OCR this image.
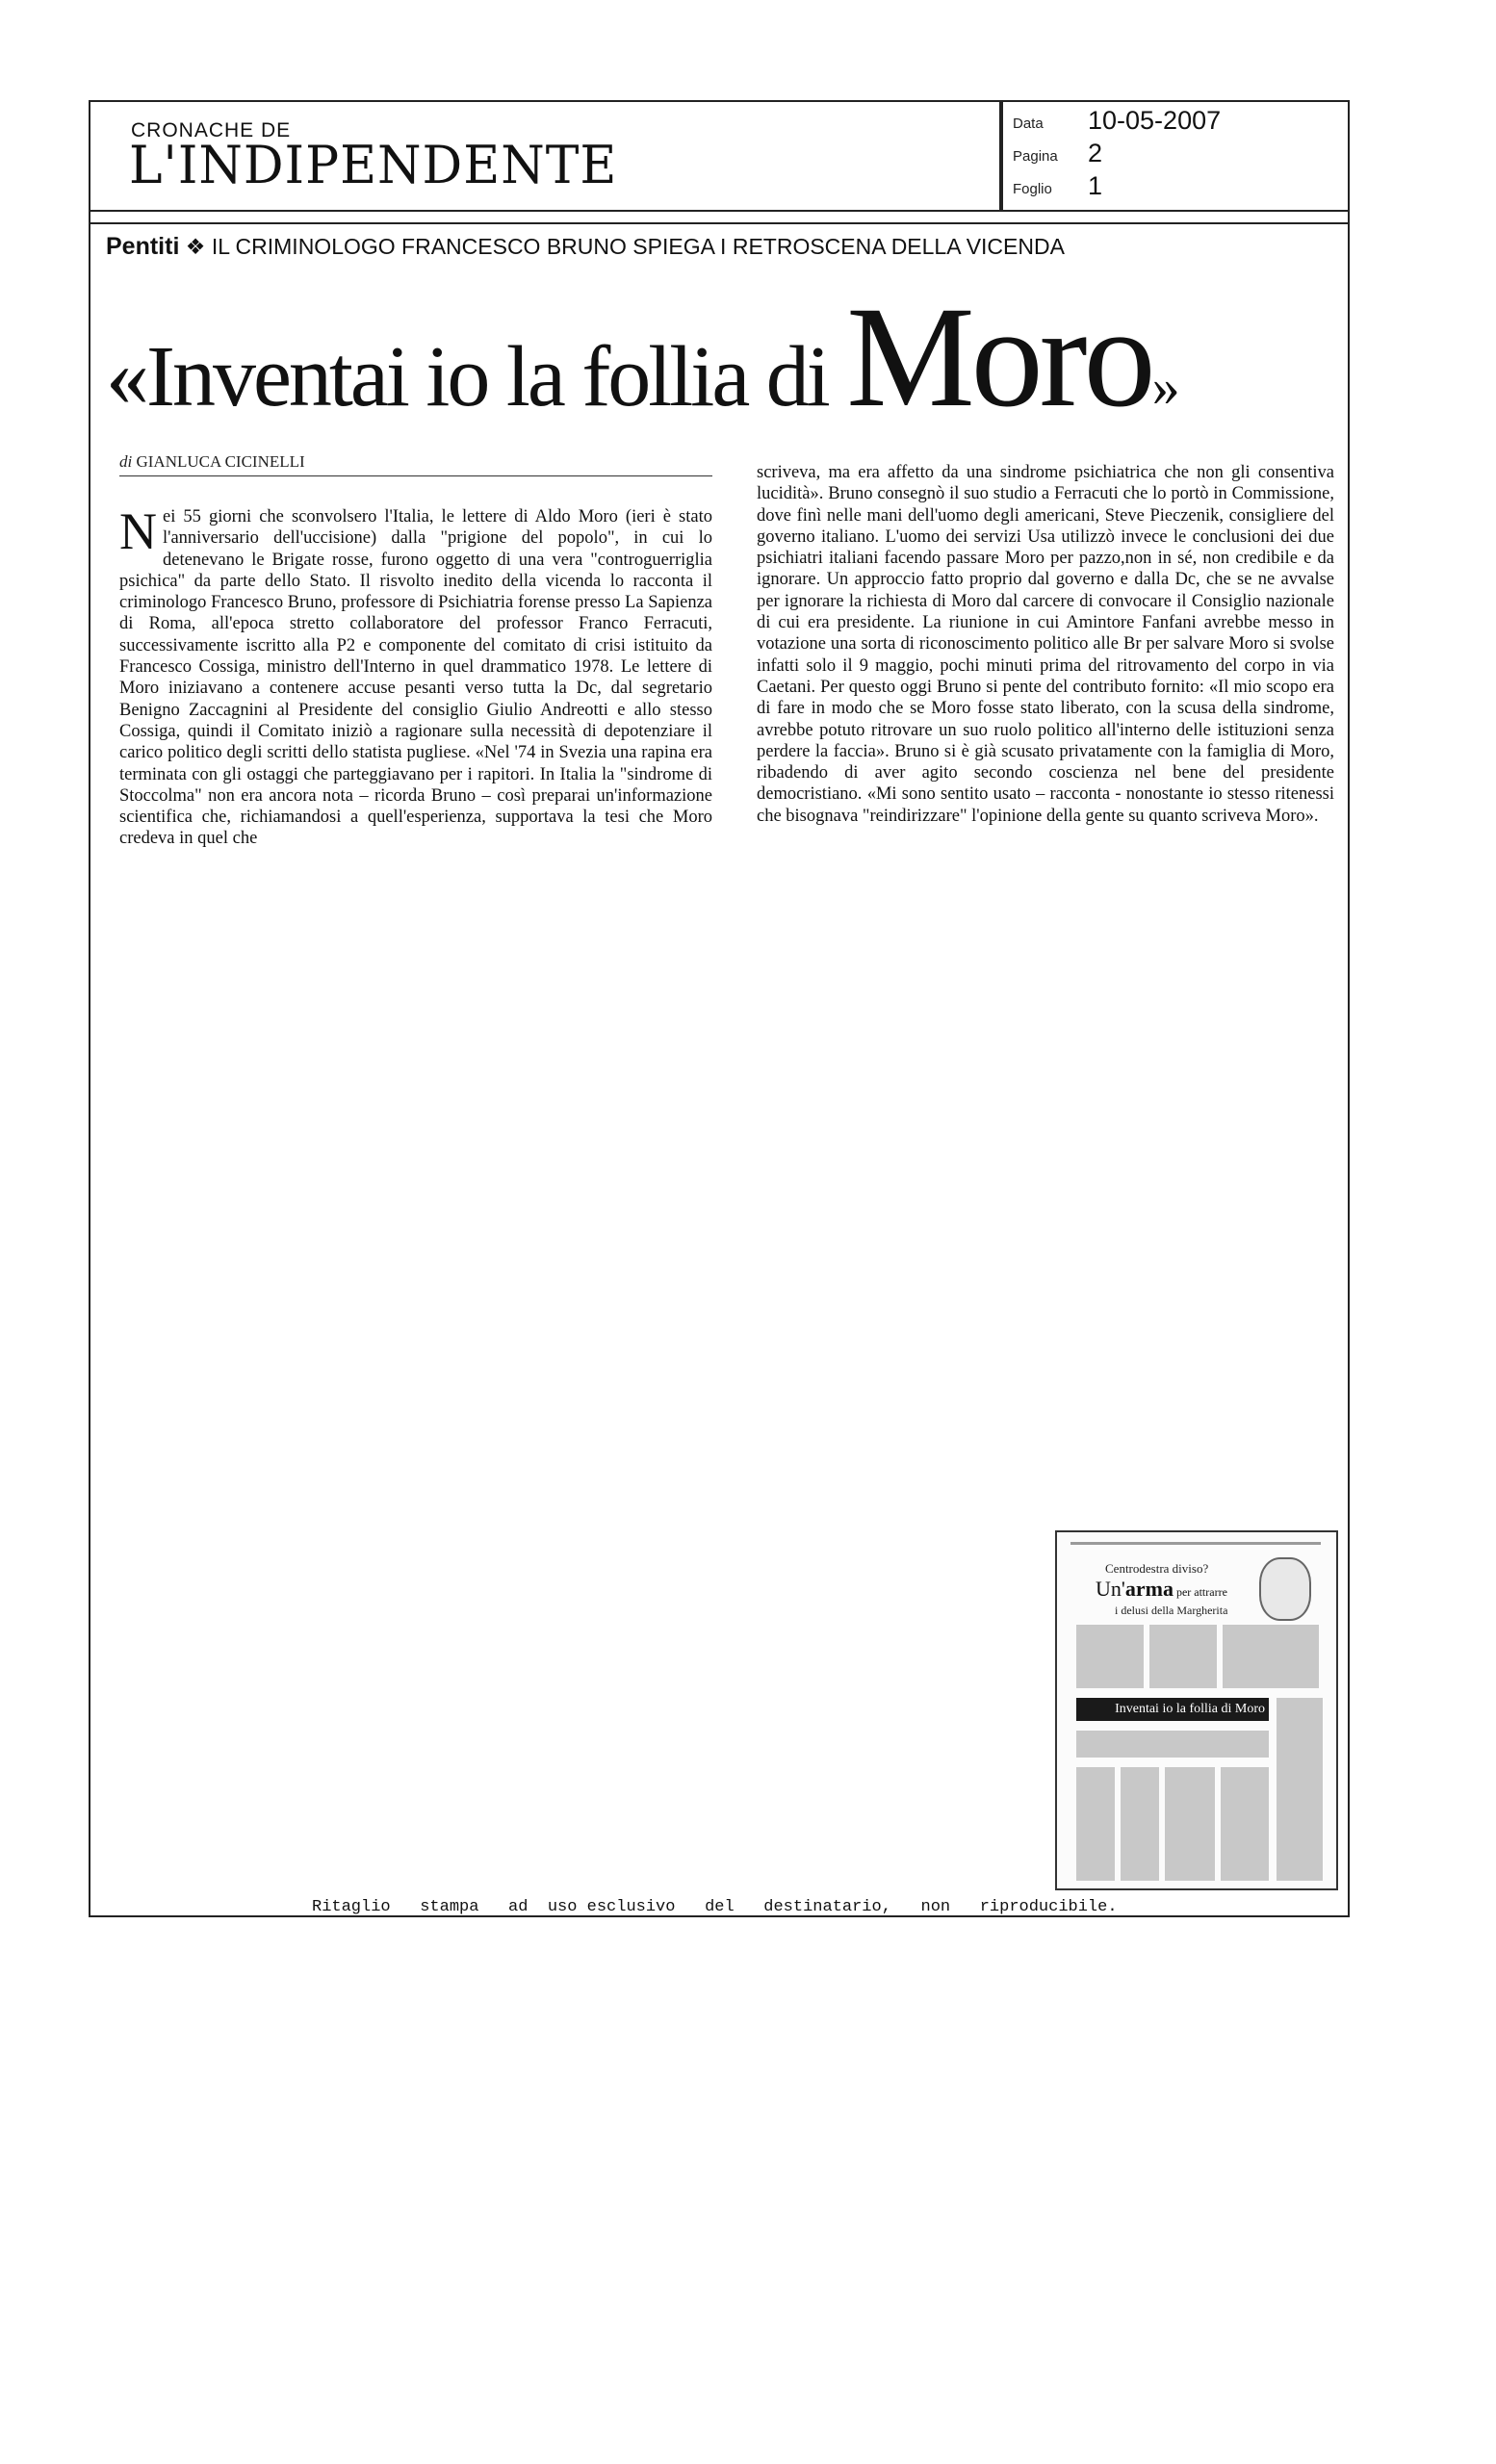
CRONACHE DE
L'INDIPENDENTE
Data 10-05-2007
Pagina 2
Foglio 1
Pentiti ❖ IL CRIMINOLOGO FRANCESCO BRUNO SPIEGA I RETROSCENA DELLA VICENDA
«Inventai io la follia di Moro»
di GIANLUCA CICINELLI
Nei 55 giorni che sconvolsero l'Italia, le lettere di Aldo Moro (ieri è stato l'anniversario dell'uccisione) dalla "prigione del popolo", in cui lo detenevano le Brigate rosse, furono oggetto di una vera "controguerriglia psichica" da parte dello Stato. Il risvolto inedito della vicenda lo racconta il criminologo Francesco Bruno, professore di Psichiatria forense presso La Sapienza di Roma, all'epoca stretto collaboratore del professor Franco Ferracuti, successivamente iscritto alla P2 e componente del comitato di crisi istituito da Francesco Cossiga, ministro dell'Interno in quel drammatico 1978. Le lettere di Moro iniziavano a contenere accuse pesanti verso tutta la Dc, dal segretario Benigno Zaccagnini al Presidente del consiglio Giulio Andreotti e allo stesso Cossiga, quindi il Comitato iniziò a ragionare sulla necessità di depotenziare il carico politico degli scritti dello statista pugliese. «Nel '74 in Svezia una rapina era terminata con gli ostaggi che parteggiavano per i rapitori. In Italia la "sindrome di Stoccolma" non era ancora nota – ricorda Bruno – così preparai un'informazione scientifica che, richiamandosi a quell'esperienza, supportava la tesi che Moro credeva in quel che
scriveva, ma era affetto da una sindrome psichiatrica che non gli consentiva lucidità». Bruno consegnò il suo studio a Ferracuti che lo portò in Commissione, dove finì nelle mani dell'uomo degli americani, Steve Pieczenik, consigliere del governo italiano. L'uomo dei servizi Usa utilizzò invece le conclusioni dei due psichiatri italiani facendo passare Moro per pazzo,non in sé, non credibile e da ignorare. Un approccio fatto proprio dal governo e dalla Dc, che se ne avvalse per ignorare la richiesta di Moro dal carcere di convocare il Consiglio nazionale di cui era presidente. La riunione in cui Amintore Fanfani avrebbe messo in votazione una sorta di riconoscimento politico alle Br per salvare Moro si svolse infatti solo il 9 maggio, pochi minuti prima del ritrovamento del corpo in via Caetani. Per questo oggi Bruno si pente del contributo fornito: «Il mio scopo era di fare in modo che se Moro fosse stato liberato, con la scusa della sindrome, avrebbe potuto ritrovare un suo ruolo politico all'interno delle istituzioni senza perdere la faccia». Bruno si è già scusato privatamente con la famiglia di Moro, ribadendo di aver agito secondo coscienza nel bene del presidente democristiano. «Mi sono sentito usato – racconta - nonostante io stesso ritenessi che bisognava "reindirizzare" l'opinione della gente su quanto scriveva Moro».
Centrodestra diviso?
Un'arma per attrarre
i delusi della Margherita
Inventai io la follia di Moro
Ritaglio   stampa   ad  uso esclusivo   del   destinatario,   non   riproducibile.
